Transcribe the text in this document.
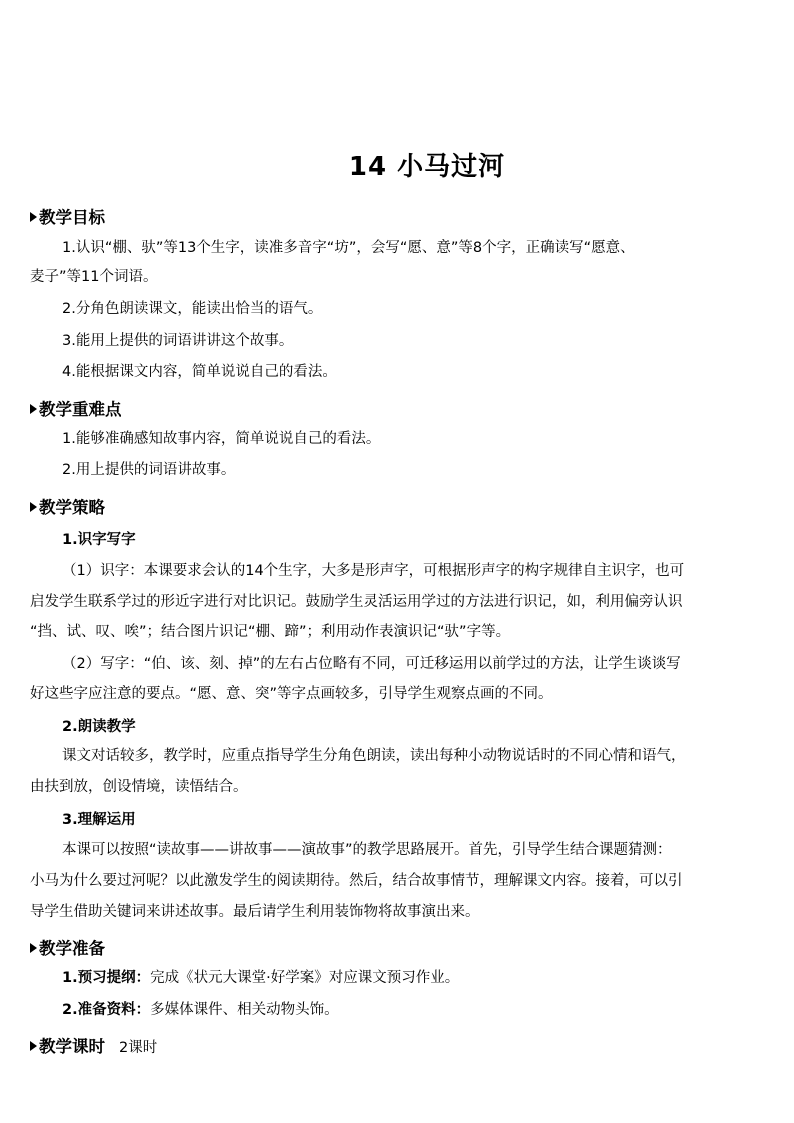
14 小马过河
教学目标
1.认识“棚、驮”等13个生字，读准多音字“坊”，会写“愿、意”等8个字，正确读写“愿意、
麦子”等11个词语。
2.分角色朗读课文，能读出恰当的语气。
3.能用上提供的词语讲讲这个故事。
4.能根据课文内容，简单说说自己的看法。
教学重难点
1.能够准确感知故事内容，简单说说自己的看法。
2.用上提供的词语讲故事。
教学策略
1.识字写字
（1）识字：本课要求会认的14个生字，大多是形声字，可根据形声字的构字规律自主识字，也可
启发学生联系学过的形近字进行对比识记。鼓励学生灵活运用学过的方法进行识记，如，利用偏旁认识
“挡、试、叹、唉”；结合图片识记“棚、蹄”；利用动作表演识记“驮”字等。
（2）写字：“伯、该、刻、掉”的左右占位略有不同，可迁移运用以前学过的方法，让学生谈谈写
好这些字应注意的要点。“愿、意、突”等字点画较多，引导学生观察点画的不同。
2.朗读教学
课文对话较多，教学时，应重点指导学生分角色朗读，读出每种小动物说话时的不同心情和语气，
由扶到放，创设情境，读悟结合。
3.理解运用
本课可以按照“读故事——讲故事——演故事”的教学思路展开。首先，引导学生结合课题猜测：
小马为什么要过河呢？以此激发学生的阅读期待。然后，结合故事情节，理解课文内容。接着，可以引
导学生借助关键词来讲述故事。最后请学生利用装饰物将故事演出来。
教学准备
1.预习提纲：完成《状元大课堂·好学案》对应课文预习作业。
2.准备资料：多媒体课件、相关动物头饰。
教学课时 2课时
